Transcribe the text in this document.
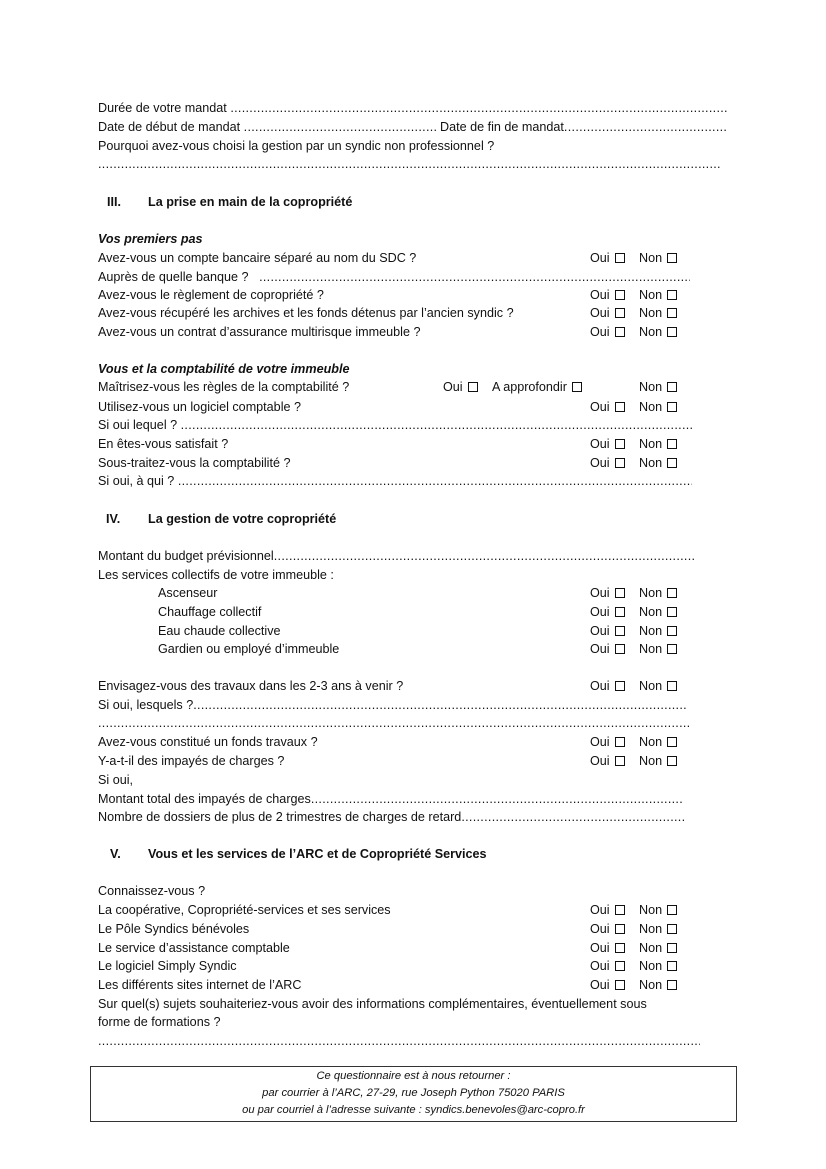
Durée de votre mandat

. . .
Date de début de mandat

. . .	Date de fin de mandat
. . .
Pourquoi avez-vous choisi la gestion par un syndic non professionnel ?
. . .
III. La prise en main de la copropriété
Vos premiers pas
Avez-vous un compte bancaire séparé au nom du SDC ?	Oui Non
Auprès de quelle banque ?

. . .
Avez-vous le règlement de copropriété ?	Oui Non
Avez-vous récupéré les archives et les fonds détenus par l’ancien syndic ?	Oui Non
Avez-vous un contrat d’assurance multirisque immeuble ?	Oui Non
Vous et la comptabilité de votre immeuble
Maîtrisez-vous les règles de la comptabilité ?	Oui A approfondir	Non
Utilisez-vous un logiciel comptable ?	Oui Non
Si oui lequel ?

. . .
En êtes-vous satisfait ?	Oui Non
Sous-traitez-vous la comptabilité ?	Oui Non
Si oui, à qui ?

. . .
IV. La gestion de votre copropriété
Montant du budget prévisionnel
. . .
Les services collectifs de votre immeuble :
Ascenseur	Oui Non
Chauffage collectif	Oui Non
Eau chaude collective	Oui Non
Gardien ou employé d’immeuble	Oui Non
Envisagez-vous des travaux dans les 2-3 ans à venir ?	Oui Non
Si oui, lesquels ?
. . .
. . .
Avez-vous constitué un fonds travaux ?	Oui Non
Y-a-t-il des impayés de charges ?	Oui Non
Si oui,
Montant total des impayés de charges
. . .
Nombre de dossiers de plus de 2 trimestres de charges de retard
. . .
V. Vous et les services de l’ARC et de Copropriété Services
Connaissez-vous ?
La coopérative, Copropriété-services et ses services	Oui Non
Le Pôle Syndics bénévoles	Oui Non
Le service d’assistance comptable	Oui Non
Le logiciel Simply Syndic	Oui Non
Les différents sites internet de l’ARC	Oui Non
Sur quel(s) sujets souhaiteriez-vous avoir des informations complémentaires, éventuellement sous
forme de formations ?
. . .
Ce questionnaire est à nous retourner :
par courrier à l’ARC, 27-29, rue Joseph Python 75020 PARIS
ou par courriel à l’adresse suivante : syndics.benevoles@arc-copro.fr
